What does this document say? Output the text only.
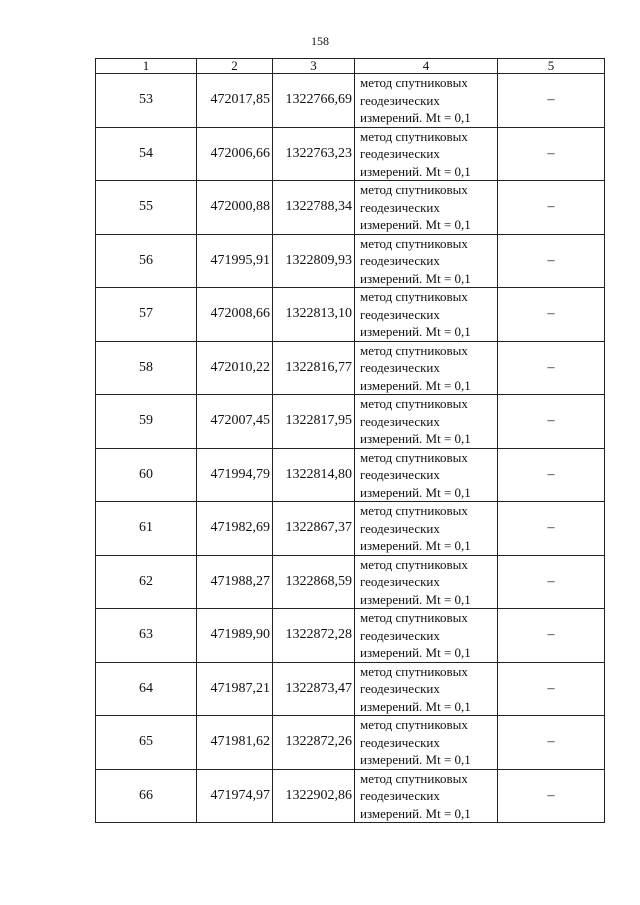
158
1	2	3	4	5
53	472017,85	1322766,69	метод спутниковых
геодезических
измерений. Mt = 0,1	–
54	472006,66	1322763,23	метод спутниковых
геодезических
измерений. Mt = 0,1	–
55	472000,88	1322788,34	метод спутниковых
геодезических
измерений. Mt = 0,1	–
56	471995,91	1322809,93	метод спутниковых
геодезических
измерений. Mt = 0,1	–
57	472008,66	1322813,10	метод спутниковых
геодезических
измерений. Mt = 0,1	–
58	472010,22	1322816,77	метод спутниковых
геодезических
измерений. Mt = 0,1	–
59	472007,45	1322817,95	метод спутниковых
геодезических
измерений. Mt = 0,1	–
60	471994,79	1322814,80	метод спутниковых
геодезических
измерений. Mt = 0,1	–
61	471982,69	1322867,37	метод спутниковых
геодезических
измерений. Mt = 0,1	–
62	471988,27	1322868,59	метод спутниковых
геодезических
измерений. Mt = 0,1	–
63	471989,90	1322872,28	метод спутниковых
геодезических
измерений. Mt = 0,1	–
64	471987,21	1322873,47	метод спутниковых
геодезических
измерений. Mt = 0,1	–
65	471981,62	1322872,26	метод спутниковых
геодезических
измерений. Mt = 0,1	–
66	471974,97	1322902,86	метод спутниковых
геодезических
измерений. Mt = 0,1	–
